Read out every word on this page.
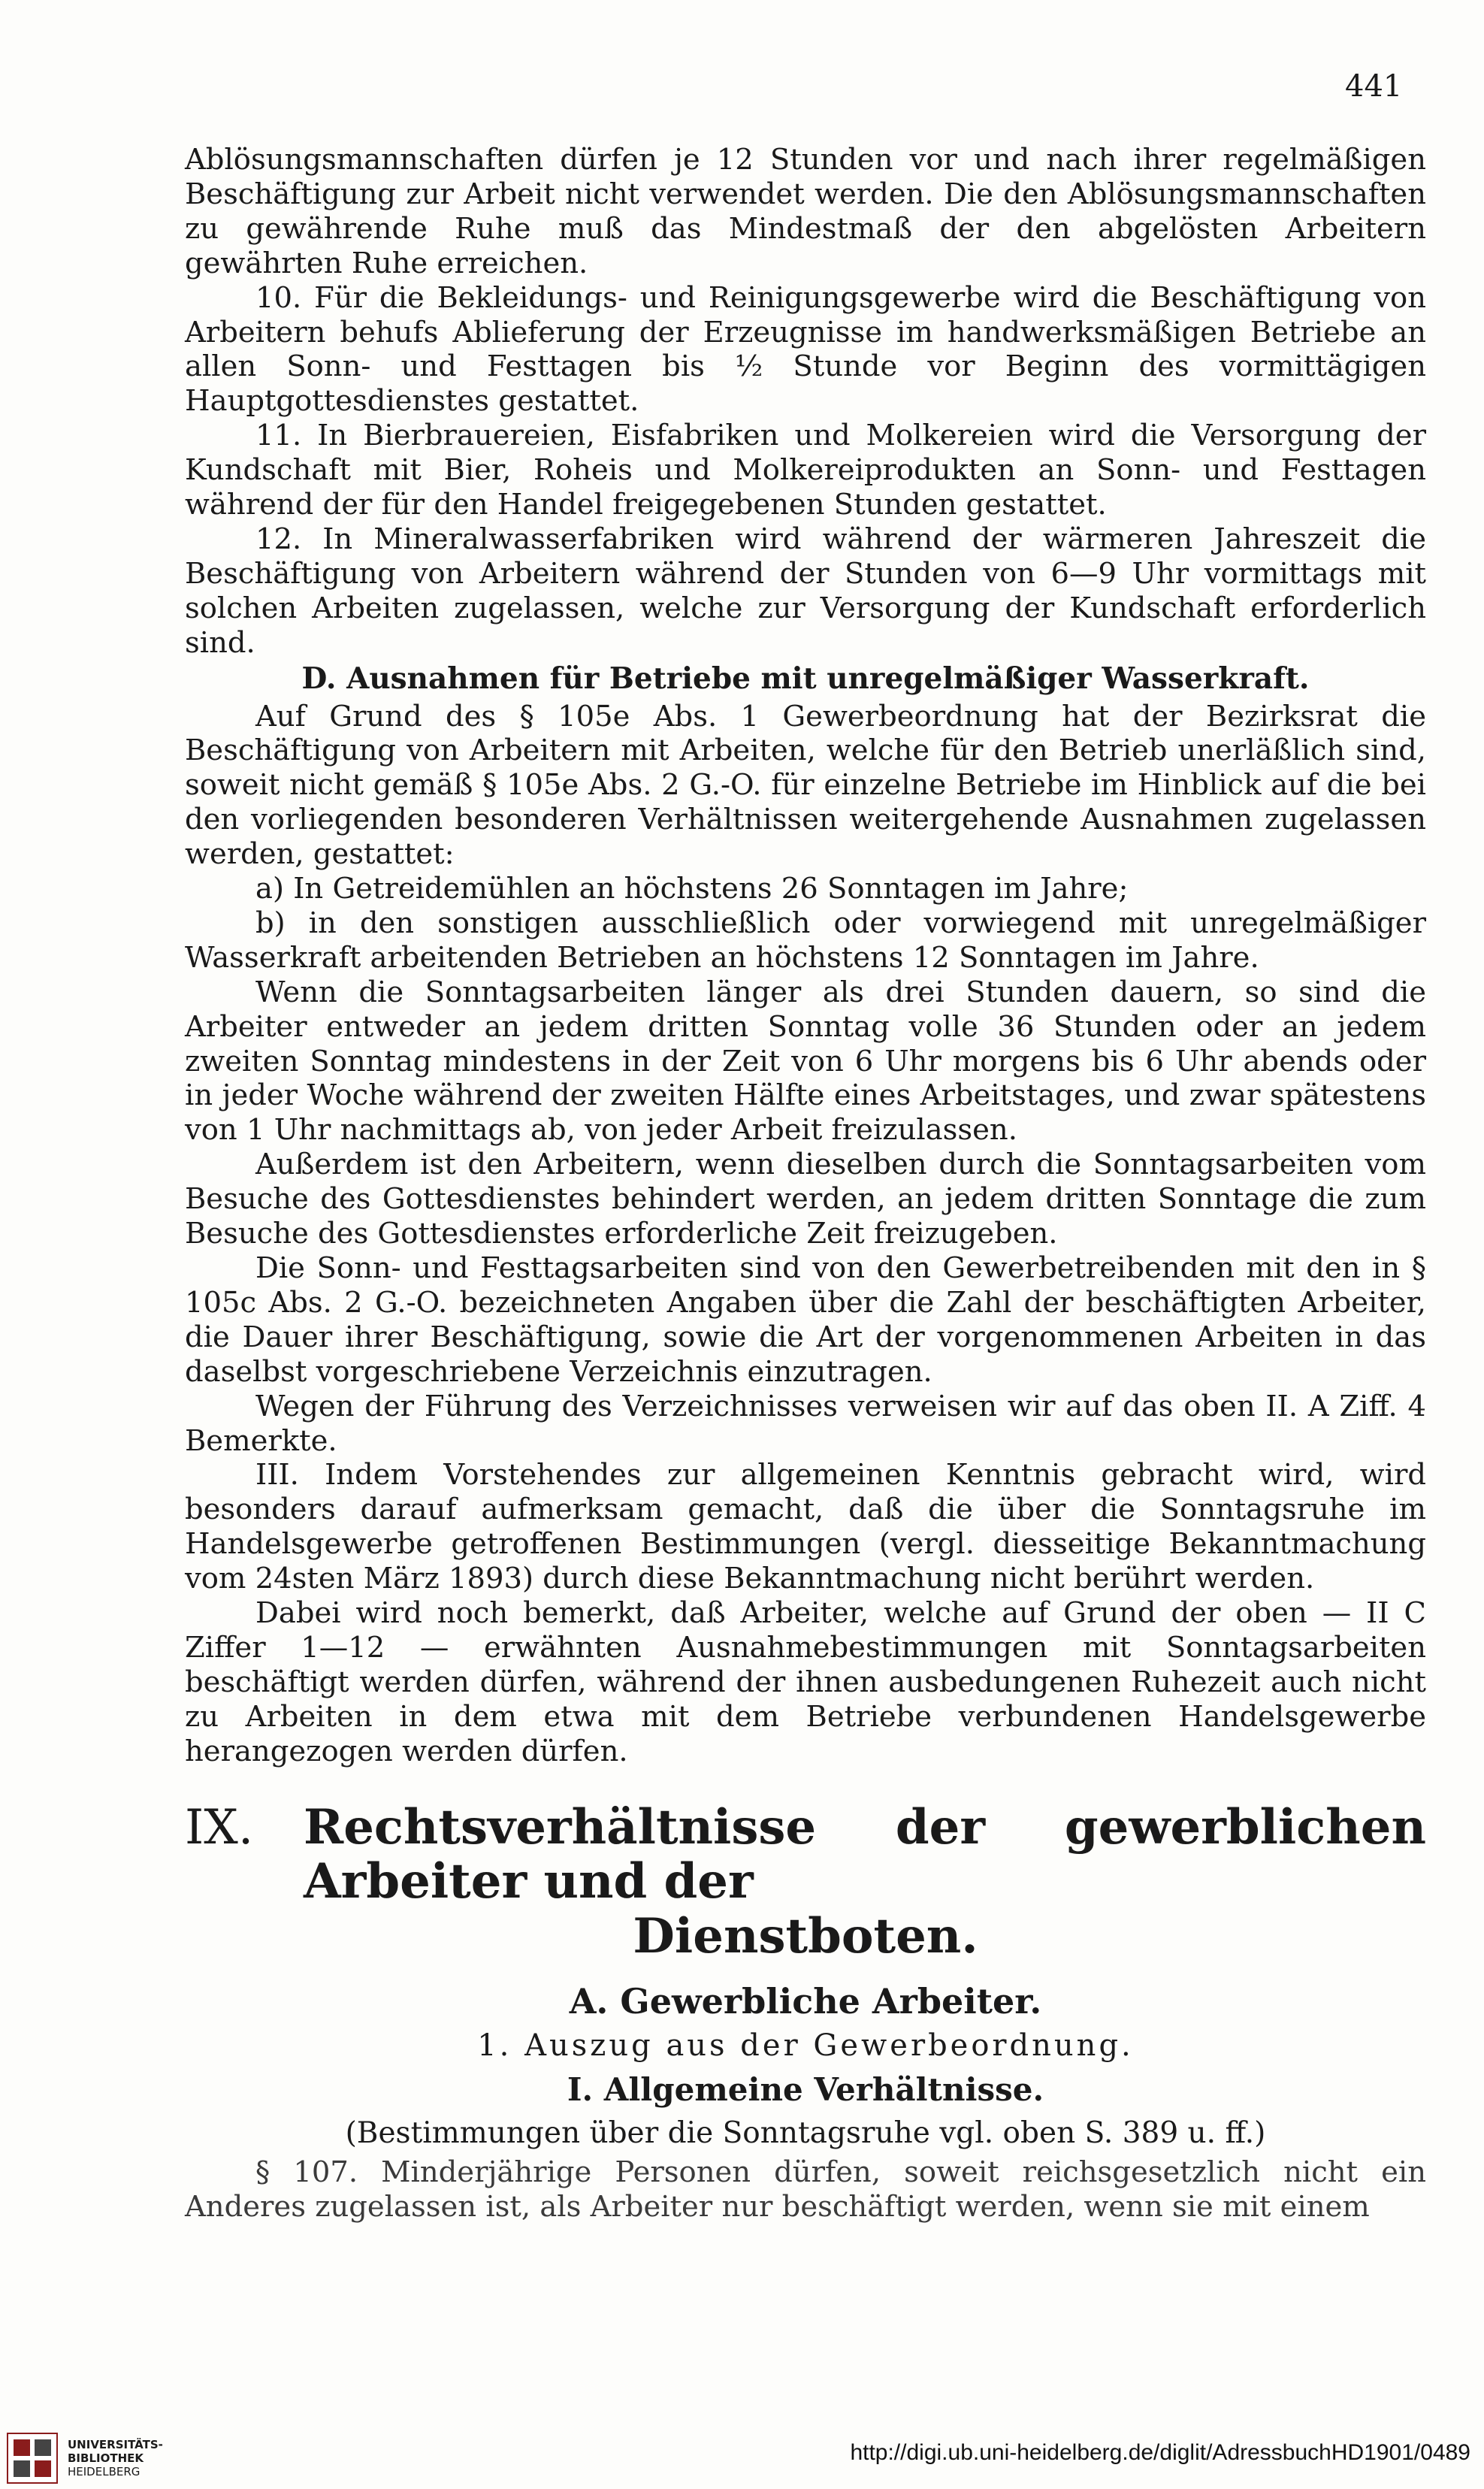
441

Ablösungsmannschaften dürfen je 12 Stunden vor und nach ihrer regelmäßigen Beschäftigung zur Arbeit nicht verwendet werden. Die den Ablösungsmannschaften zu gewährende Ruhe muß das Mindestmaß der den abgelösten Arbeitern gewährten Ruhe erreichen.

10. Für die Bekleidungs- und Reinigungsgewerbe wird die Beschäftigung von Arbeitern behufs Ablieferung der Erzeugnisse im handwerksmäßigen Betriebe an allen Sonn- und Festtagen bis ½ Stunde vor Beginn des vormittägigen Hauptgottesdienstes gestattet.

11. In Bierbrauereien, Eisfabriken und Molkereien wird die Versorgung der Kundschaft mit Bier, Roheis und Molkereiprodukten an Sonn- und Festtagen während der für den Handel freigegebenen Stunden gestattet.

12. In Mineralwasserfabriken wird während der wärmeren Jahreszeit die Beschäftigung von Arbeitern während der Stunden von 6—9 Uhr vormittags mit solchen Arbeiten zugelassen, welche zur Versorgung der Kundschaft erforderlich sind.

D. Ausnahmen für Betriebe mit unregelmäßiger Wasserkraft.

Auf Grund des § 105e Abs. 1 Gewerbeordnung hat der Bezirksrat die Beschäftigung von Arbeitern mit Arbeiten, welche für den Betrieb unerläßlich sind, soweit nicht gemäß § 105e Abs. 2 G.-O. für einzelne Betriebe im Hinblick auf die bei den vorliegenden besonderen Verhältnissen weitergehende Ausnahmen zugelassen werden, gestattet:

a) In Getreidemühlen an höchstens 26 Sonntagen im Jahre;

b) in den sonstigen ausschließlich oder vorwiegend mit unregelmäßiger Wasserkraft arbeitenden Betrieben an höchstens 12 Sonntagen im Jahre.

Wenn die Sonntagsarbeiten länger als drei Stunden dauern, so sind die Arbeiter entweder an jedem dritten Sonntag volle 36 Stunden oder an jedem zweiten Sonntag mindestens in der Zeit von 6 Uhr morgens bis 6 Uhr abends oder in jeder Woche während der zweiten Hälfte eines Arbeitstages, und zwar spätestens von 1 Uhr nachmittags ab, von jeder Arbeit freizulassen.

Außerdem ist den Arbeitern, wenn dieselben durch die Sonntagsarbeiten vom Besuche des Gottesdienstes behindert werden, an jedem dritten Sonntage die zum Besuche des Gottesdienstes erforderliche Zeit freizugeben.

Die Sonn- und Festtagsarbeiten sind von den Gewerbetreibenden mit den in § 105c Abs. 2 G.-O. bezeichneten Angaben über die Zahl der beschäftigten Arbeiter, die Dauer ihrer Beschäftigung, sowie die Art der vorgenommenen Arbeiten in das daselbst vorgeschriebene Verzeichnis einzutragen.

Wegen der Führung des Verzeichnisses verweisen wir auf das oben II. A Ziff. 4 Bemerkte.

III. Indem Vorstehendes zur allgemeinen Kenntnis gebracht wird, wird besonders darauf aufmerksam gemacht, daß die über die Sonntagsruhe im Handelsgewerbe getroffenen Bestimmungen (vergl. diesseitige Bekanntmachung vom 24sten März 1893) durch diese Bekanntmachung nicht berührt werden.

Dabei wird noch bemerkt, daß Arbeiter, welche auf Grund der oben — II C Ziffer 1—12 — erwähnten Ausnahmebestimmungen mit Sonntagsarbeiten beschäftigt werden dürfen, während der ihnen ausbedungenen Ruhezeit auch nicht zu Arbeiten in dem etwa mit dem Betriebe verbundenen Handelsgewerbe herangezogen werden dürfen.

IX.	Rechtsverhältnisse der gewerblichen Arbeiter und der
Dienstboten.
A. Gewerbliche Arbeiter.
1. Auszug aus der Gewerbeordnung.
I. Allgemeine Verhältnisse.
(Bestimmungen über die Sonntagsruhe vgl. oben S. 389 u. ff.)

§ 107. Minderjährige Personen dürfen, soweit reichsgesetzlich nicht ein Anderes zugelassen ist, als Arbeiter nur beschäftigt werden, wenn sie mit einem

UNIVERSITÄTS-
BIBLIOTHEK
HEIDELBERG
http://digi.ub.uni-heidelberg.de/diglit/AdressbuchHD1901/0489
